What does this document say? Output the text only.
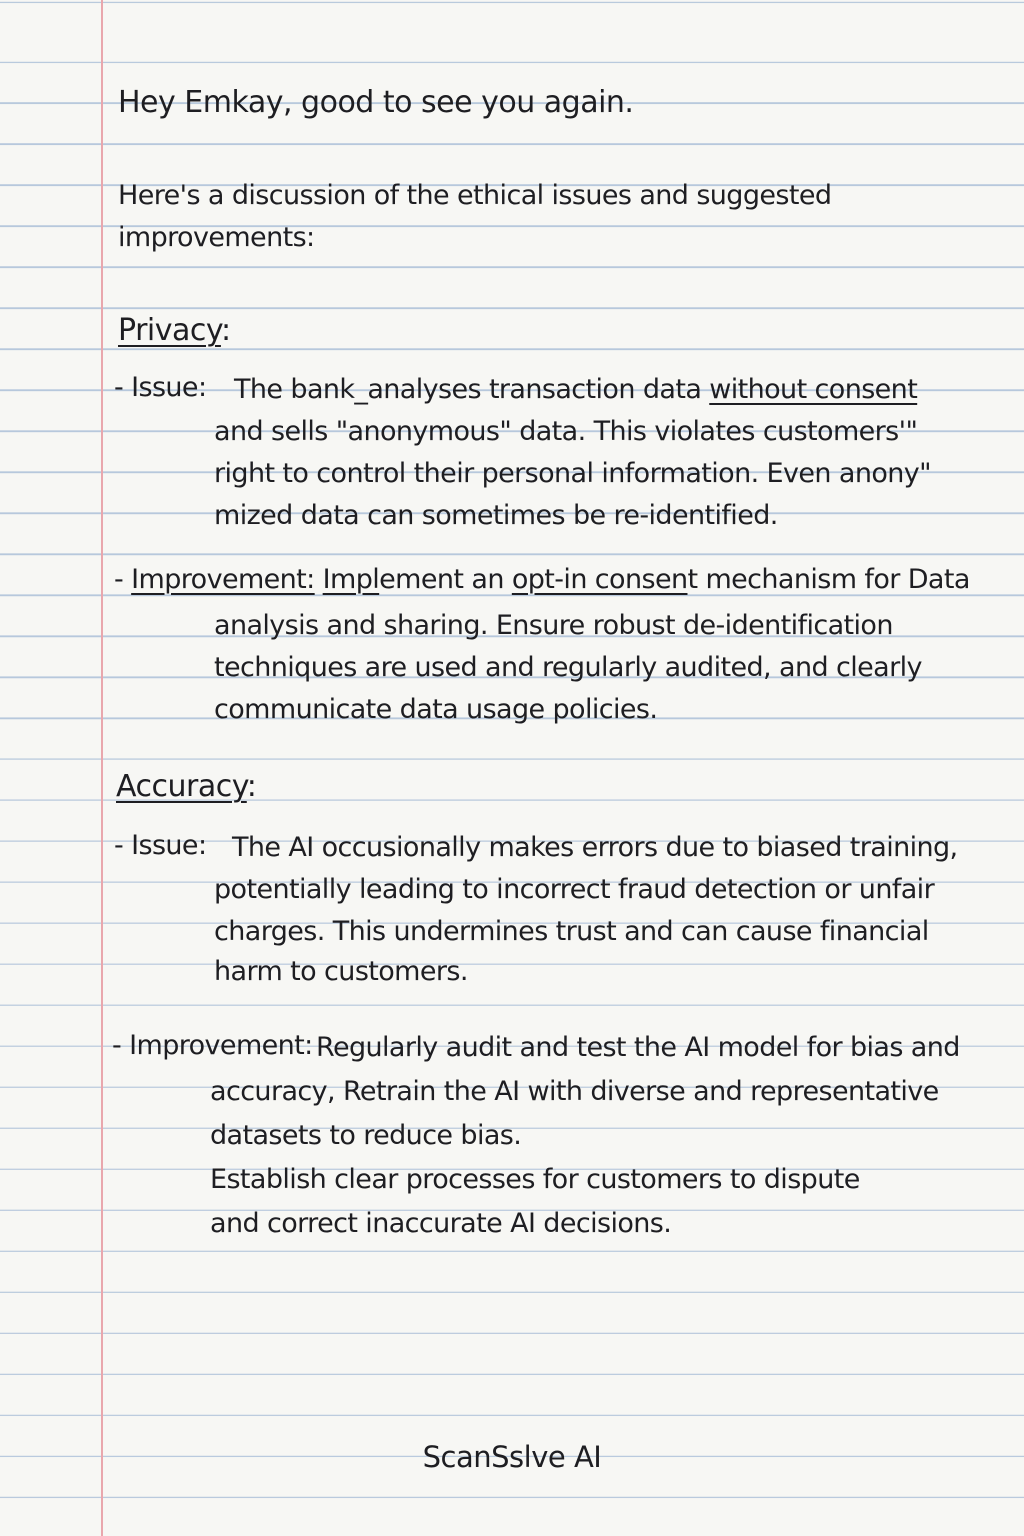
Hey Emkay, good to see you again.
Here's a discussion of the ethical issues and suggested
improvements:
Privacy:
- Issue: The bank_analyses transaction data without consent
and sells "anonymous" data. This violates customers'"
right to control their personal information. Even anony"
mized data can sometimes be re-identified.
- Improvement: Implement an opt-in consent mechanism for Data
analysis and sharing. Ensure robust de-identification
techniques are used and regularly audited, and clearly
communicate data usage policies.
Accuracy:
- Issue: The AI occusionally makes errors due to biased training,
potentially leading to incorrect fraud detection or unfair
charges. This undermines trust and can cause financial
harm to customers.
- Improvement: Regularly audit and test the AI model for bias and
accuracy, Retrain the AI with diverse and representative
datasets to reduce bias.
Establish clear processes for customers to dispute
and correct inaccurate AI decisions.
ScanSslve AI
